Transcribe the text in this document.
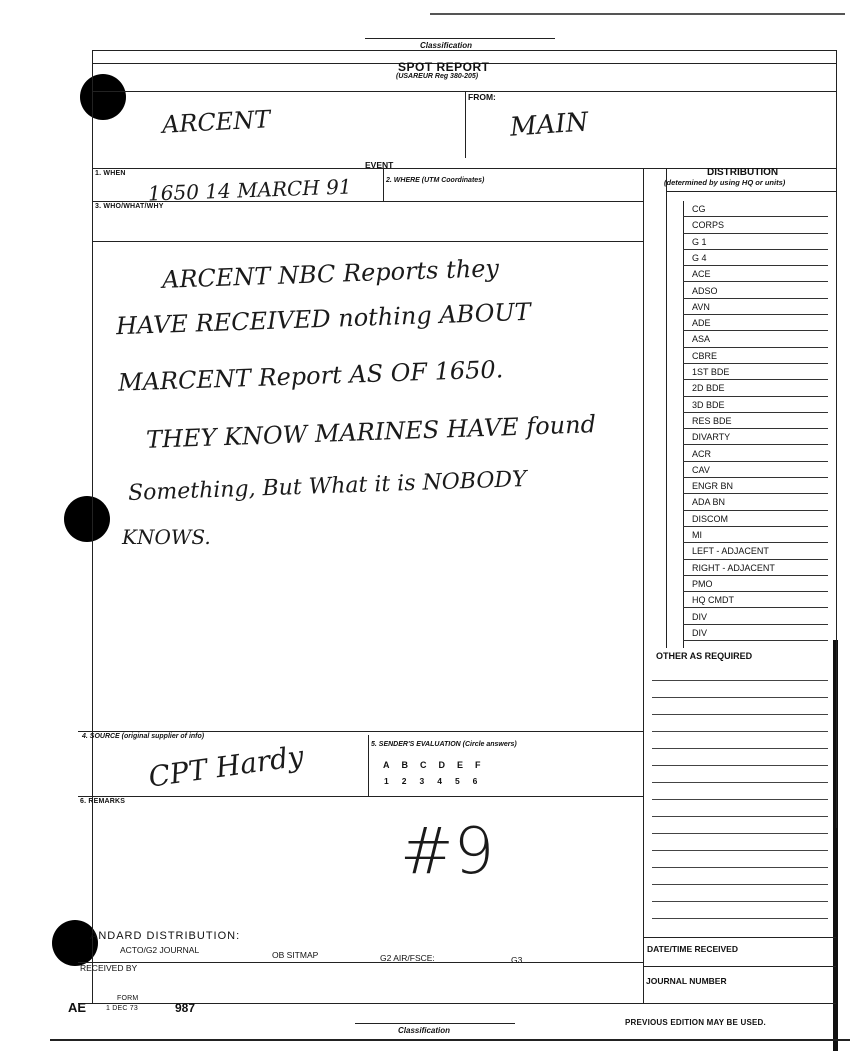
Classification
SPOT REPORT
(USAREUR Reg 380-205)
FROM:
ARCENT	MAIN
EVENT
1. WHEN
2. WHERE (UTM Coordinates)
1650 14 MARCH 91
3. WHO/WHAT/WHY
ARCENT NBC Reports they
HAVE RECEIVED nothing ABOUT
MARCENT Report AS OF 1650.
THEY KNOW MARINES HAVE found
Something, But What it is NOBODY
KNOWS.
DISTRIBUTION
(determined by using HQ or units)
CG
CORPS
G 1
G 4
ACE
ADSO
AVN
ADE
ASA
CBRE
1ST BDE
2D BDE
3D BDE
RES BDE
DIVARTY
ACR
CAV
ENGR BN
ADA BN
DISCOM
MI
LEFT - ADJACENT
RIGHT - ADJACENT
PMO
HQ CMDT
DIV
DIV
OTHER AS REQUIRED
4. SOURCE (original supplier of info)
5. SENDER'S EVALUATION (Circle answers)
CPT Hardy	A B C D E F
1 2 3 4 5 6
6. REMARKS
#9
ANDARD DISTRIBUTION:
ACTO/G2 JOURNAL	OB SITMAP	G2 AIR/FSCE:	G3
RECEIVED BY
DATE/TIME RECEIVED
JOURNAL NUMBER
AE
FORM
1 DEC 73	987
Classification
PREVIOUS EDITION MAY BE USED.
